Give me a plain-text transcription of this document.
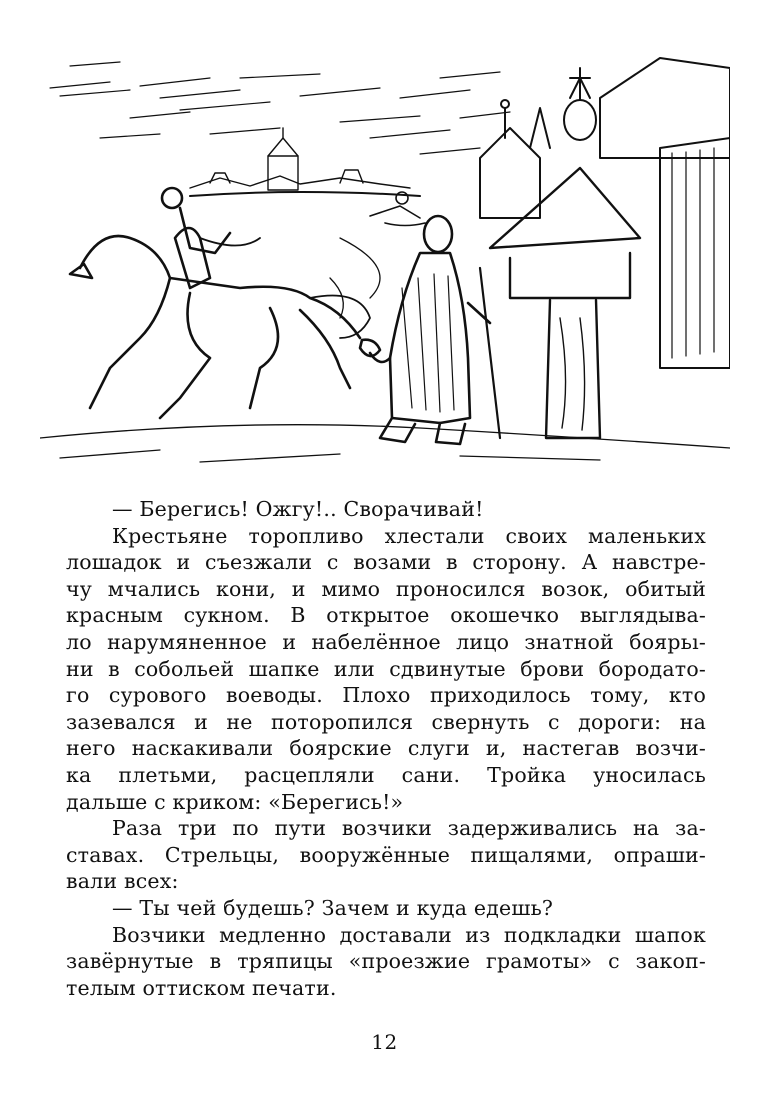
— Берегись! Ожгу!.. Сворачивай!
Крестьяне торопливо хлестали своих маленьких
лошадок и съезжали с возами в сторону. А навстре-
чу мчались кони, и мимо проносился возок, обитый
красным сукном. В открытое окошечко выглядыва-
ло нарумяненное и набелённое лицо знатной боярьı-
ни в собольей шапке или сдвинутые брови бородато-
го сурового воеводы. Плохо приходилось тому, кто
зазевался и не поторопился свернуть с дороги: на
него наскакивали боярские слуги и, настегав возчи-
ка плетьми, расцепляли сани. Тройка уносилась
дальше с криком: «Берегись!»
Раза три по пути возчики задерживались на за-
ставах. Стрельцы, вооружённые пищалями, опраши-
вали всех:
— Ты чей будешь? Зачем и куда едешь?
Возчики медленно доставали из подкладки шапок
завёрнутые в тряпицы «проезжие грамоты» с закоп-
телым оттиском печати.
12
